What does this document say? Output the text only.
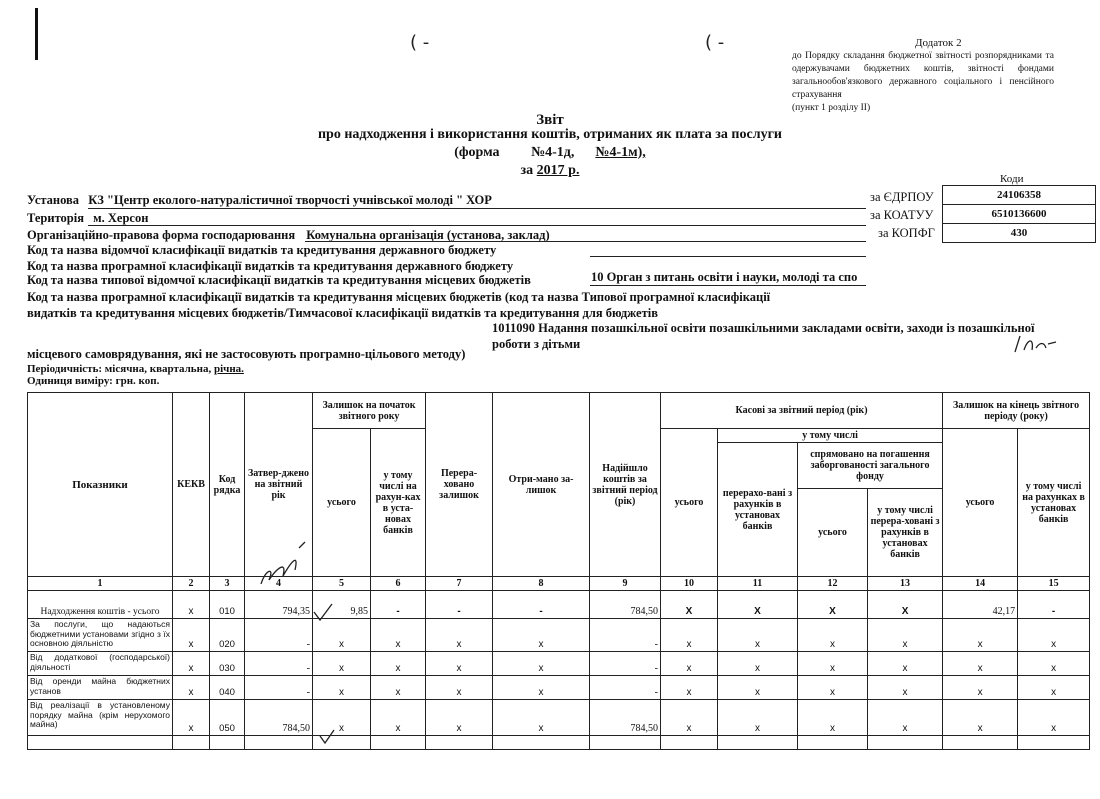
( ‑	( ‑	Додаток 2
до Порядку складання бюджетної звітності розпорядниками та одержувачами бюджетних коштів, звітності фондами загальнообов'язкового державного соціального і пенсійного страхування
(пункт 1 розділу II)
Звіт
про надходження і використання коштів, отриманих як плата за послуги
(форма №4-1д, №4-1м),
за 2017 р.
Коди
24106358
6510136600
430
за ЄДРПОУ
за КОАТУУ
за КОПФГ
Установа КЗ "Центр еколого-натуралістичної творчості учнівської молоді " ХОР
Територія м. Херсон
Організаційно-правова форма господарювання Комунальна організація (установа, заклад)
Код та назва відомчої класифікації видатків та кредитування державного бюджету
Код та назва програмної класифікації видатків та кредитування державного бюджету
Код та назва типової відомчої класифікації видатків та кредитування місцевих бюджетів	10 Орган з питань освіти і науки, молоді та спо
Код та назва програмної класифікації видатків та кредитування місцевих бюджетів (код та назва Типової програмної класифікації
видатків та кредитування місцевих бюджетів/Тимчасової класифікації видатків та кредитування для бюджетів
1011090 Надання позашкільної освіти позашкільними закладами освіти, заходи із позашкільної роботи з дітьми
місцевого самоврядування, які не застосовують програмно-цільового методу)
Періодичність: місячна, квартальна, річна.
Одиниця виміру: грн. коп.
Показники	КЕКВ	Код рядка	Затвер-джено на звітний рік	Залишок на початок звітного року		Перера-ховано залишок	Отри-мано за-лишок	Надійшло коштів за звітний період (рік)	Касові за звітний період (рік)				Залишок на кінець звітного періоду (року)	
				усього	у тому числі на рахун-ках в уста-новах банків				усього	у тому числі			усього	у тому числі на рахунках в установах банків
										перерахо-вані з рахунків в установах банків	спрямовано на погашення заборгованості загального фонду			
											усього	у тому числі перера-ховані з рахунків в установах банків		
1	2	3	4	5	6	7	8	9	10	11	12	13	14	15
Надходження коштів - усього	х	010	794,35	9,85	-	-	-	784,50	Х	Х	Х	Х	42,17	-
За послуги, що надаються бюджетними установами згідно з їх основною діяльністю	х	020	-	х	х	х	х	-	х	х	х	х	х	х
Від додаткової (господарської) діяльності	х	030	-	х	х	х	х	-	х	х	х	х	х	х
Від оренди майна бюджетних установ	х	040	-	х	х	х	х	-	х	х	х	х	х	х
Від реалізації в установленому порядку майна (крім нерухомого майна)	х	050	784,50	х	х	х	х	784,50	х	х	х	х	х	х
